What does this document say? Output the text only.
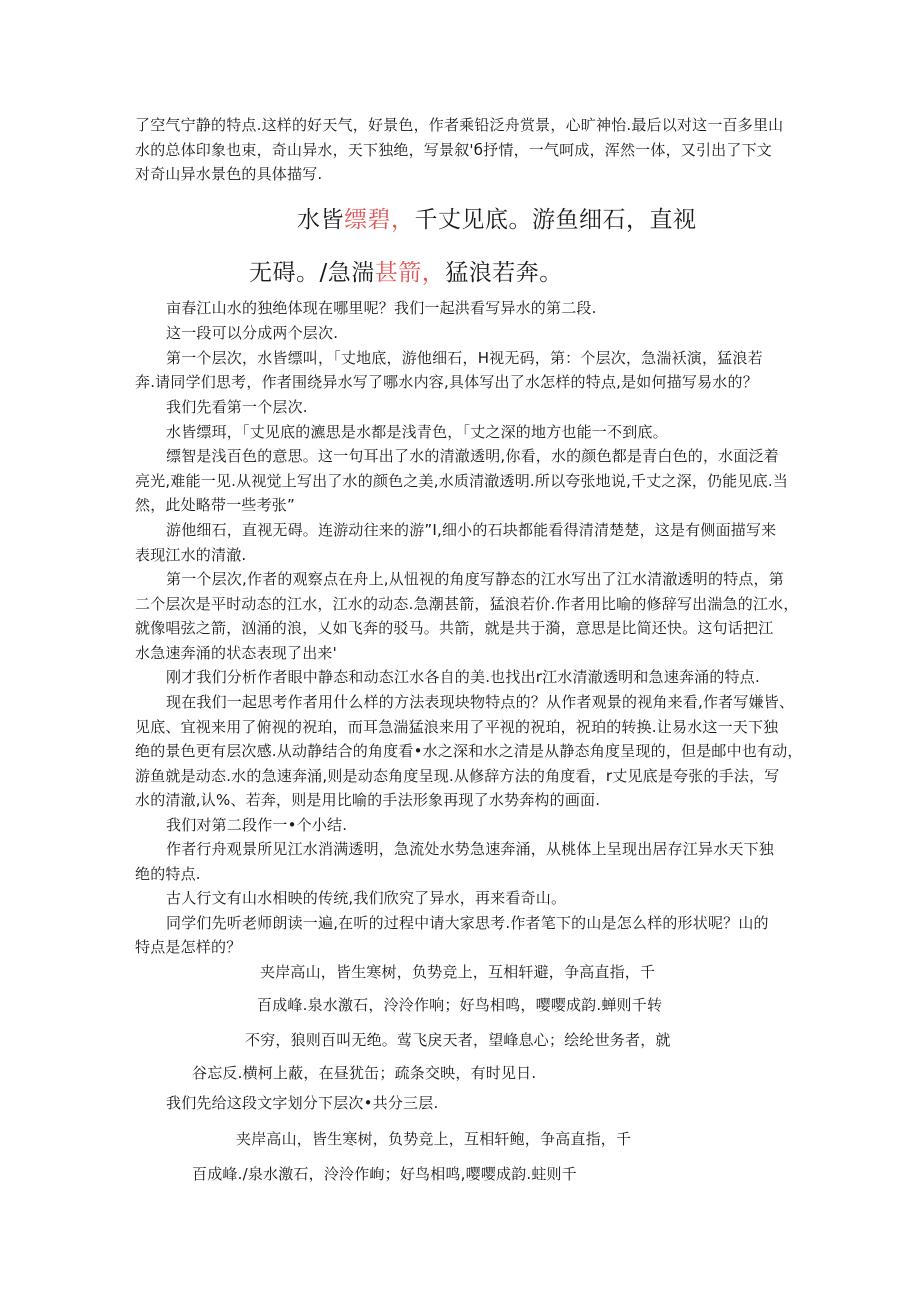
了空气宁静的特点.这样的好天气，好景色，作者乘铅泛舟赏景，心旷神怡.最后以对这一百多里山
水的总体印象也束，奇山异水，天下独绝，写景叙'б抒情，一气呵成，浑然一体，又引出了下文
对奇山异水景色的具体描写.
水皆缥碧，千丈见底。游鱼细石，直视
无碍。/急湍甚箭，猛浪若奔。
亩春江山水的独绝体现在哪里呢？我们一起洪看写异水的第二段.
这一段可以分成两个层次.
第一个层次，水皆缥叫，「丈地底，游他细石，H视无码，第：个层次，急湍袄演，猛浪若
奔.请同学们思考，作者围绕异水写了哪水内容,具体写出了水怎样的特点,是如何描写易水的？
我们先看第一个层次.
水皆缥珥，「丈见底的瀌思是水都是浅青色，「丈之深的地方也能一不到底。
缥智是浅百色的意思。这一句耳出了水的清澈透明,你看，水的颜色都是青白色的，水面泛着
亮光,难能一见.从视觉上写出了水的颜色之美,水质清澈透明.所以夸张地说,千丈之深，仍能见底.当
然，此处略带一些考张”
游他细石，直视无碍。连游动往来的游”Ⅰ,细小的石块都能看得清清楚楚，这是有侧面描写来
表现江水的清澈.
第一个层次,作者的观察点在舟上,从忸视的角度写静态的江水写出了江水清澈透明的特点，第
二个层次是平时动态的江水，江水的动态.急潮甚箭，猛浪若价.作者用比喻的修辞写出湍急的江水，
就像唱弦之箭，汹涌的浪，乂如飞奔的驳马。共箭，就是共于漪，意思是比简还快。这句话把江
水急速奔涌的状态表现了出来'
刚才我们分析作者眼中静态和动态江水各自的美.也找出r江水清澈透明和急速奔涌的特点.
现在我们一起思考作者用什么样的方法表现块物特点的？从作者观景的视角来看,作者写嫌皆、
见底、宜视来用了俯视的祝珀，而耳急湍猛浪来用了平视的祝珀，祝珀的转换.让易水这一天下独
绝的景色更有层次感.从动静结合的角度看•水之深和水之清是从静态角度呈现的，但是邮中也有动，
游鱼就是动态.水的急速奔涌,则是动态角度呈现.从修辞方法的角度看，r丈见底是夸张的手法，写
水的清澈,认%、若奔，则是用比喻的手法形象再现了水势奔构的画面.
我们对第二段作一•个小结.
作者行舟观景所见江水消满透明，急流处水势急速奔涌，从桃体上呈现出居存江异水天下独
绝的特点.
古人行文有山水相映的传统,我们欣究了异水，再来看奇山。
同学们先听老师朗读一遍,在听的过程中请大家思考.作者笔下的山是怎么样的形状呢？山的
特点是怎样的？
夹岸高山，皆生寒树，负势竞上，互相轩避，争高直指，千
百成峰.泉水激石，泠泠作响；好鸟相鸣，嘤嘤成韵.蝉则千转
不穷，狼则百叫无绝。莺飞戾天者，望峰息心；绘纶世务者，就
谷忘反.横柯上蔽，在昼犹缶；疏条交映，有时见日.
我们先给这段文字划分下层次•共分三层.
夹岸高山，皆生寒树，负势竞上，互相轩鲍，争高直指，千
百成峰./泉水激石，泠泠作峋；好鸟相鸣,嘤嘤成韵.蛀则千
